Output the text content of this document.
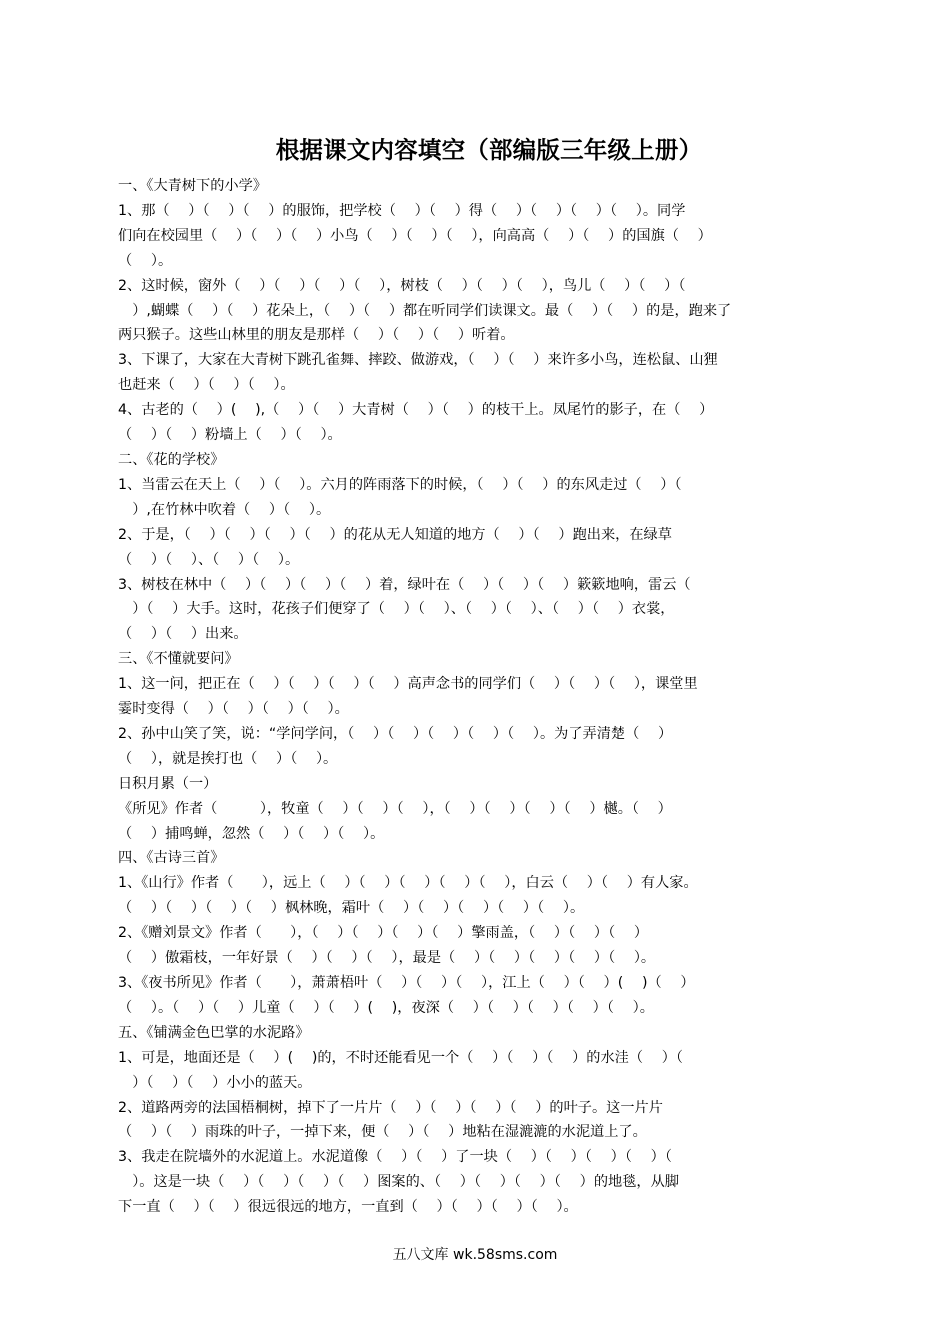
根据课文内容填空（部编版三年级上册）
一、《大青树下的小学》
1、那（　 ）（　 ）（　 ）的服饰，把学校（　 ）（　 ）得（　 ）（　 ）（　 ）（　 ）。同学
们向在校园里（　 ）（　 ）（　 ）小鸟（　 ）（　 ）（　 ），向高高（　 ）（　 ）的国旗（　 ）
（　 ）。
2、这时候，窗外（　 ）（　 ）（　 ）（　 ），树枝（　 ）（　 ）（　 ），鸟儿（　 ）（　 ）（
　）,蝴蝶（　 ）（　 ）花朵上，（　 ）（　 ）都在听同学们读课文。最（　 ）（　 ）的是，跑来了
两只猴子。这些山林里的朋友是那样（　 ）（　 ）（　 ）听着。
3、下课了，大家在大青树下跳孔雀舞、摔跤、做游戏，（　 ）（　 ）来许多小鸟，连松鼠、山狸
也赶来（　 ）（　 ）（　 ）。
4、古老的（　 ）(　 ),（　 ）（　 ）大青树（　 ）（　 ）的枝干上。凤尾竹的影子，在（　 ）
（　 ）（　 ）粉墙上（　 ）（　 ）。
二、《花的学校》
1、当雷云在天上（　 ）（　 ）。六月的阵雨落下的时候，（　 ）（　 ）的东风走过（　 ）（
　）,在竹林中吹着（　 ）（　 ）。
2、于是，（　 ）（　 ）（　 ）（　 ）的花从无人知道的地方（　 ）（　 ）跑出来，在绿草
（　 ）（　 ）、（　 ）（　 ）。
3、树枝在林中（　 ）（　 ）（　 ）（　 ）着，绿叶在（　 ）（　 ）（　 ）簌簌地响，雷云（
　）（　 ）大手。这时，花孩子们便穿了（　 ）（　 ）、（　 ）（　 ）、（　 ）（　 ）衣裳，
（　 ）（　 ）出来。
三、《不懂就要问》
1、这一问，把正在（　 ）（　 ）（　 ）（　 ）高声念书的同学们（　 ）（　 ）（　 ），课堂里
霎时变得（　 ）（　 ）（　 ）（　 ）。
2、孙中山笑了笑，说：“学问学问，（　 ）（　 ）（　 ）（　 ）（　 ）。为了弄清楚（　 ）
（　 ），就是挨打也（　 ）（　 ）。
日积月累（一）
《所见》作者（　　　），牧童（　 ）（　 ）（　 ），（　 ）（　 ）（　 ）（　 ）樾。（　 ）
（　 ）捕鸣蝉，忽然（　 ）（　 ）（　 ）。
四、《古诗三首》
1、《山行》作者（　　），远上（　 ）（　 ）（　 ）（　 ）（　 ），白云（　 ）（　 ）有人家。
（　 ）（　 ）（　 ）（　 ）枫林晚，霜叶（　 ）（　 ）（　 ）（　 ）（　 ）。
2、《赠刘景文》作者（　　），（　 ）（　 ）（　 ）（　 ）擎雨盖，（　 ）（　 ）（　 ）
（　 ）傲霜枝，一年好景（　 ）（　 ）（　 ），最是（　 ）（　 ）（　 ）（　 ）（　 ）。
3、《夜书所见》作者（　　），萧萧梧叶（　 ）（　 ）（　 ），江上（　 ）（　 ）(　 )（　 ）
（　 ）。（　 ）（　 ）儿童（　 ）（　 ）(　 )，夜深（　 ）（　 ）（　 ）（　 ）（　 ）。
五、《铺满金色巴掌的水泥路》
1、可是，地面还是（　 ）(　 )的，不时还能看见一个（　 ）（　 ）（　 ）的水洼（　 ）（
　）（　 ）（　 ）小小的蓝天。
2、道路两旁的法国梧桐树，掉下了一片片（　 ）（　 ）（　 ）（　 ）的叶子。这一片片
（　 ）（　 ）雨珠的叶子，一掉下来，便（　 ）（　 ）地粘在湿漉漉的水泥道上了。
3、我走在院墙外的水泥道上。水泥道像（　 ）（　 ）了一块（　 ）（　 ）（　 ）（　 ）（
　）。这是一块（　 ）（　 ）（　 ）（　 ）图案的、（　 ）（　 ）（　 ）（　 ）的地毯，从脚
下一直（　 ）（　 ）很远很远的地方，一直到（　 ）（　 ）（　 ）（　 ）。
五八文库 wk.58sms.com
